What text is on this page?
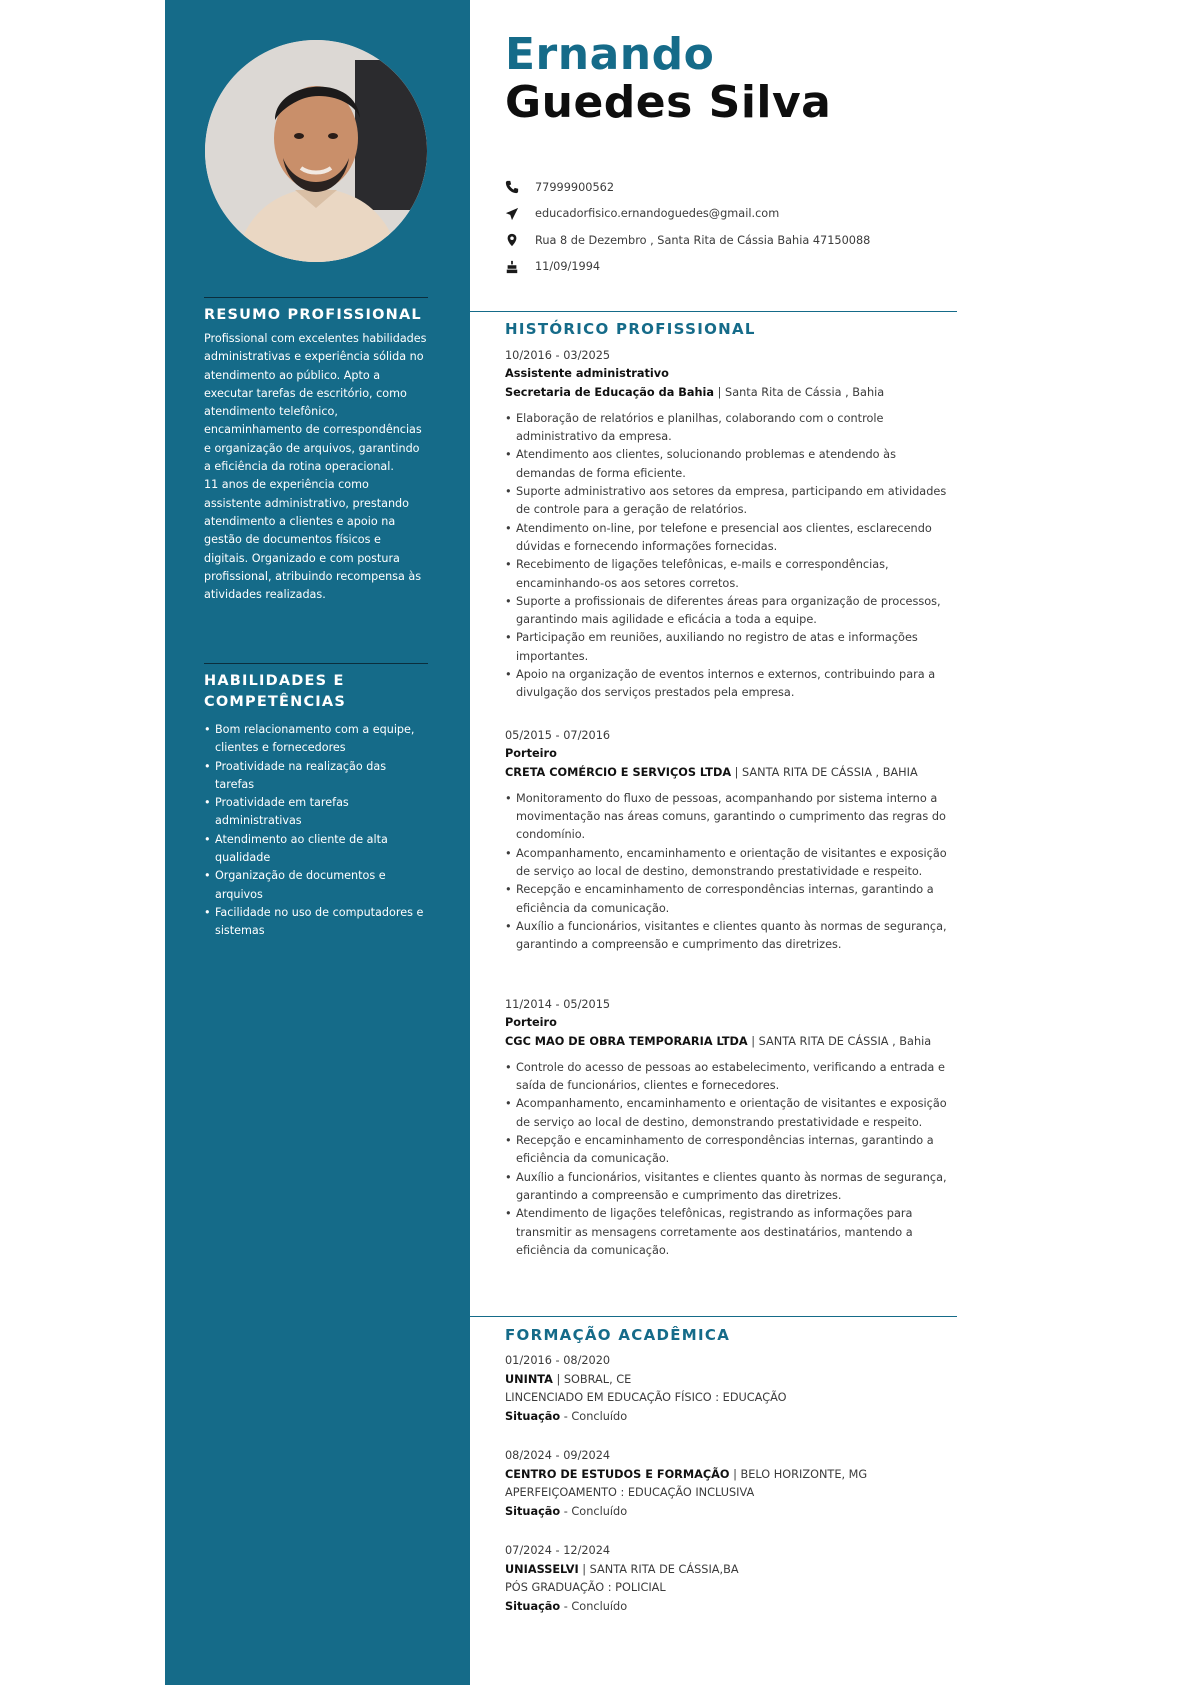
RESUMO PROFISSIONAL

Profissional com excelentes habilidades administrativas e experiência sólida no atendimento ao público. Apto a executar tarefas de escritório, como atendimento telefônico, encaminhamento de correspondências e organização de arquivos, garantindo a eficiência da rotina operacional.

11 anos de experiência como assistente administrativo, prestando atendimento a clientes e apoio na gestão de documentos físicos e digitais. Organizado e com postura profissional, atribuindo recompensa às atividades realizadas.

HABILIDADES E COMPETÊNCIAS
• Bom relacionamento com a equipe, clientes e fornecedores
• Proatividade na realização das tarefas
• Proatividade em tarefas administrativas
• Atendimento ao cliente de alta qualidade
• Organização de documentos e arquivos
• Facilidade no uso de computadores e sistemas
Ernando
Guedes Silva
77999900562
educadorfisico.ernandoguedes@gmail.com
Rua 8 de Dezembro , Santa Rita de Cássia Bahia 47150088
11/09/1994
HISTÓRICO PROFISSIONAL
10/2016 - 03/2025
Assistente administrativo
Secretaria de Educação da Bahia | Santa Rita de Cássia , Bahia
• Elaboração de relatórios e planilhas, colaborando com o controle administrativo da empresa.
• Atendimento aos clientes, solucionando problemas e atendendo às demandas de forma eficiente.
• Suporte administrativo aos setores da empresa, participando em atividades de controle para a geração de relatórios.
• Atendimento on-line, por telefone e presencial aos clientes, esclarecendo dúvidas e fornecendo informações fornecidas.
• Recebimento de ligações telefônicas, e-mails e correspondências, encaminhando-os aos setores corretos.
• Suporte a profissionais de diferentes áreas para organização de processos, garantindo mais agilidade e eficácia a toda a equipe.
• Participação em reuniões, auxiliando no registro de atas e informações importantes.
• Apoio na organização de eventos internos e externos, contribuindo para a divulgação dos serviços prestados pela empresa.
05/2015 - 07/2016
Porteiro
CRETA COMÉRCIO E SERVIÇOS LTDA | SANTA RITA DE CÁSSIA , BAHIA
• Monitoramento do fluxo de pessoas, acompanhando por sistema interno a movimentação nas áreas comuns, garantindo o cumprimento das regras do condomínio.
• Acompanhamento, encaminhamento e orientação de visitantes e exposição de serviço ao local de destino, demonstrando prestatividade e respeito.
• Recepção e encaminhamento de correspondências internas, garantindo a eficiência da comunicação.
• Auxílio a funcionários, visitantes e clientes quanto às normas de segurança, garantindo a compreensão e cumprimento das diretrizes.
11/2014 - 05/2015
Porteiro
CGC MAO DE OBRA TEMPORARIA LTDA | SANTA RITA DE CÁSSIA , Bahia
• Controle do acesso de pessoas ao estabelecimento, verificando a entrada e saída de funcionários, clientes e fornecedores.
• Acompanhamento, encaminhamento e orientação de visitantes e exposição de serviço ao local de destino, demonstrando prestatividade e respeito.
• Recepção e encaminhamento de correspondências internas, garantindo a eficiência da comunicação.
• Auxílio a funcionários, visitantes e clientes quanto às normas de segurança, garantindo a compreensão e cumprimento das diretrizes.
• Atendimento de ligações telefônicas, registrando as informações para transmitir as mensagens corretamente aos destinatários, mantendo a eficiência da comunicação.
FORMAÇÃO ACADÊMICA
01/2016 - 08/2020
UNINTA | SOBRAL, CE
LINCENCIADO EM EDUCAÇÃO FÍSICO : EDUCAÇÃO
Situação - Concluído
08/2024 - 09/2024
CENTRO DE ESTUDOS E FORMAÇÃO | BELO HORIZONTE, MG
APERFEIÇOAMENTO : EDUCAÇÃO INCLUSIVA
Situação - Concluído
07/2024 - 12/2024
UNIASSELVI | SANTA RITA DE CÁSSIA,BA
PÓS GRADUAÇÃO : POLICIAL
Situação - Concluído
